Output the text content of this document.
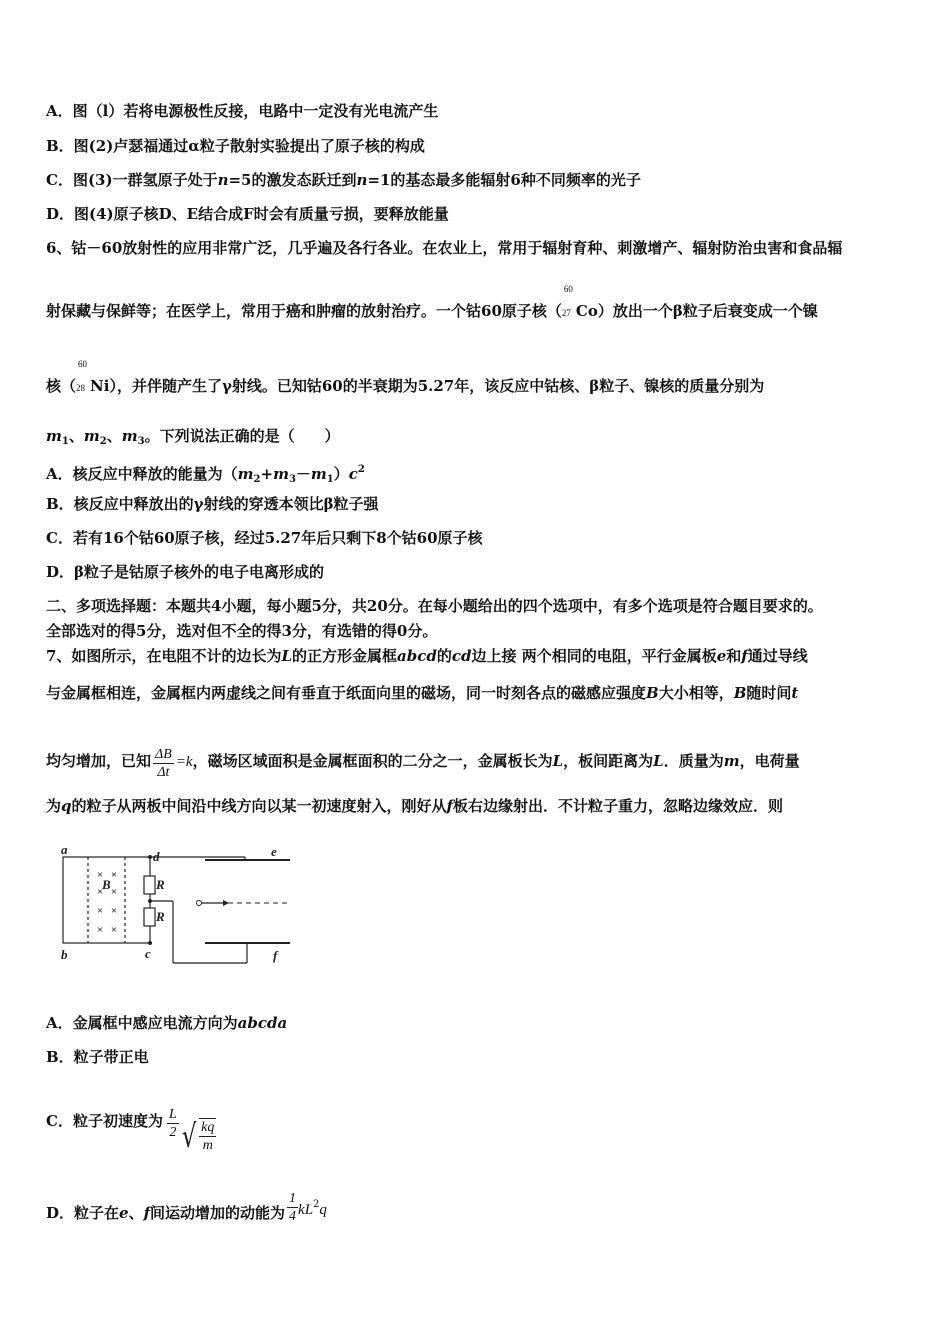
A．图（l）若将电源极性反接，电路中一定没有光电流产生
B．图(2)卢瑟福通过α粒子散射实验提出了原子核的构成
C．图(3)一群氢原子处于n=5的激发态跃迁到n=1的基态最多能辐射6种不同频率的光子
D．图(4)原子核D、E结合成F时会有质量亏损，要释放能量
6、钴－60放射性的应用非常广泛，几乎遍及各行各业。在农业上，常用于辐射育种、刺激增产、辐射防治虫害和食品辐
射保藏与保鲜等；在医学上，常用于癌和肿瘤的放射治疗。一个钴60原子核（
60
27 Co）放出一个β粒子后衰变成一个镍
核（
60
28 Ni），并伴随产生了γ射线。已知钴60的半衰期为5.27年，该反应中钴核、β粒子、镍核的质量分别为
$m_1$、$m_2$、$m_3$。下列说法正确的是（　　）
A．核反应中释放的能量为$(m_2+m_3-m_1)c^2$
B．核反应中释放出的γ射线的穿透本领比β粒子强
C．若有16个钴60原子核，经过5.27年后只剩下8个钴60原子核
D．β粒子是钴原子核外的电子电离形成的
二、多项选择题：本题共4小题，每小题5分，共20分。在每小题给出的四个选项中，有多个选项是符合题目要求的。
全部选对的得5分，选对但不全的得3分，有选错的得0分。
7、如图所示，在电阻不计的边长为L的正方形金属框abcd的cd边上接 两个相同的电阻，平行金属板e和f通过导线
与金属框相连，金属框内两虚线之间有垂直于纸面向里的磁场，同一时刻各点的磁感应强度B大小相等，B随时间t
均匀增加，已知 $\frac{\Delta B}{\Delta t} =k$，磁场区域面积是金属框面积的二分之一，金属板长为L，板间距离为L．质量为m，电荷量
为q的粒子从两板中间沿中线方向以某一初速度射入，刚好从f板右边缘射出．不计粒子重力，忽略边缘效应．则
× ×
× ×
× ×
× ×
a
b	c
d	e
f
B	R
R
A．金属框中感应电流方向为abcda
B．粒子带正电
C．粒子初速度为 $\frac{L}{2}$ √ $\frac{kq}{m}$
D．粒子在e、f间运动增加的动能为 $\frac{1}{4} kL^2q$
